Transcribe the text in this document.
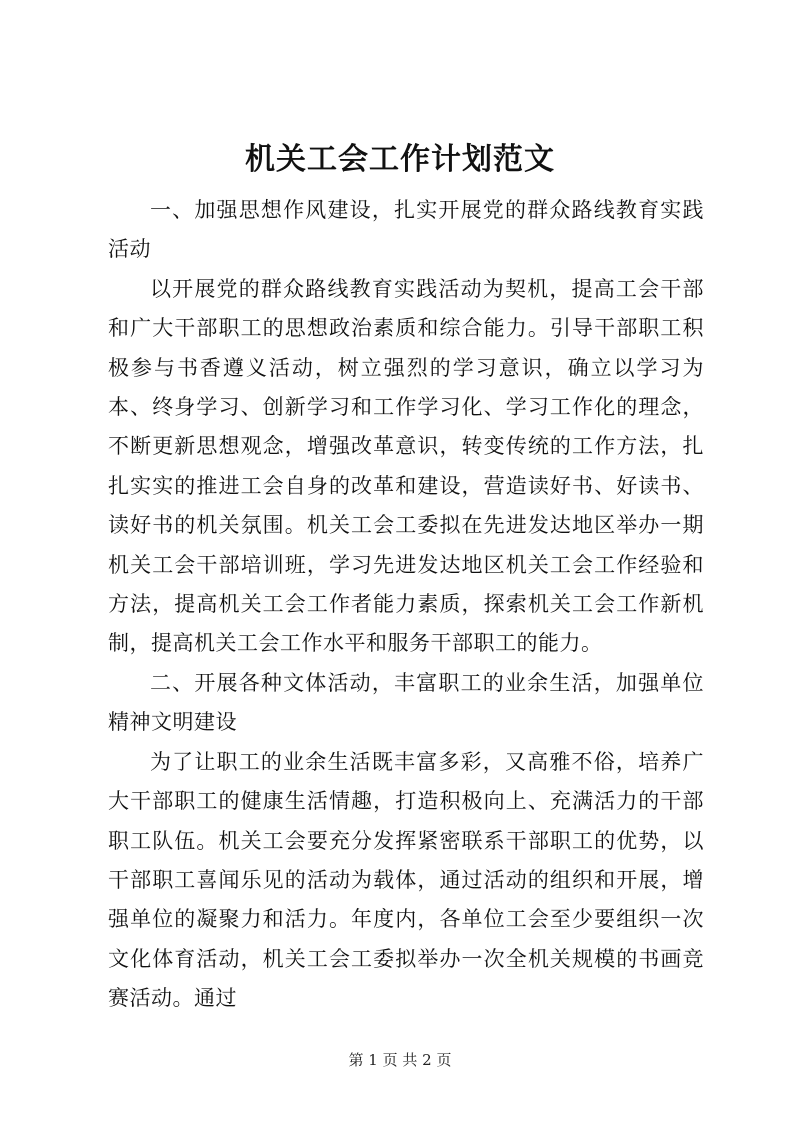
机关工会工作计划范文

一、加强思想作风建设，扎实开展党的群众路线教育实践活动

以开展党的群众路线教育实践活动为契机，提高工会干部和广大干部职工的思想政治素质和综合能力。引导干部职工积极参与书香遵义活动，树立强烈的学习意识，确立以学习为本、终身学习、创新学习和工作学习化、学习工作化的理念，不断更新思想观念，增强改革意识，转变传统的工作方法，扎扎实实的推进工会自身的改革和建设，营造读好书、好读书、读好书的机关氛围。机关工会工委拟在先进发达地区举办一期机关工会干部培训班，学习先进发达地区机关工会工作经验和方法，提高机关工会工作者能力素质，探索机关工会工作新机制，提高机关工会工作水平和服务干部职工的能力。

二、开展各种文体活动，丰富职工的业余生活，加强单位精神文明建设

为了让职工的业余生活既丰富多彩，又高雅不俗，培养广大干部职工的健康生活情趣，打造积极向上、充满活力的干部职工队伍。机关工会要充分发挥紧密联系干部职工的优势，以干部职工喜闻乐见的活动为载体，通过活动的组织和开展，增强单位的凝聚力和活力。年度内，各单位工会至少要组织一次文化体育活动，机关工会工委拟举办一次全机关规模的书画竞赛活动。通过

第 1 页 共 2 页
